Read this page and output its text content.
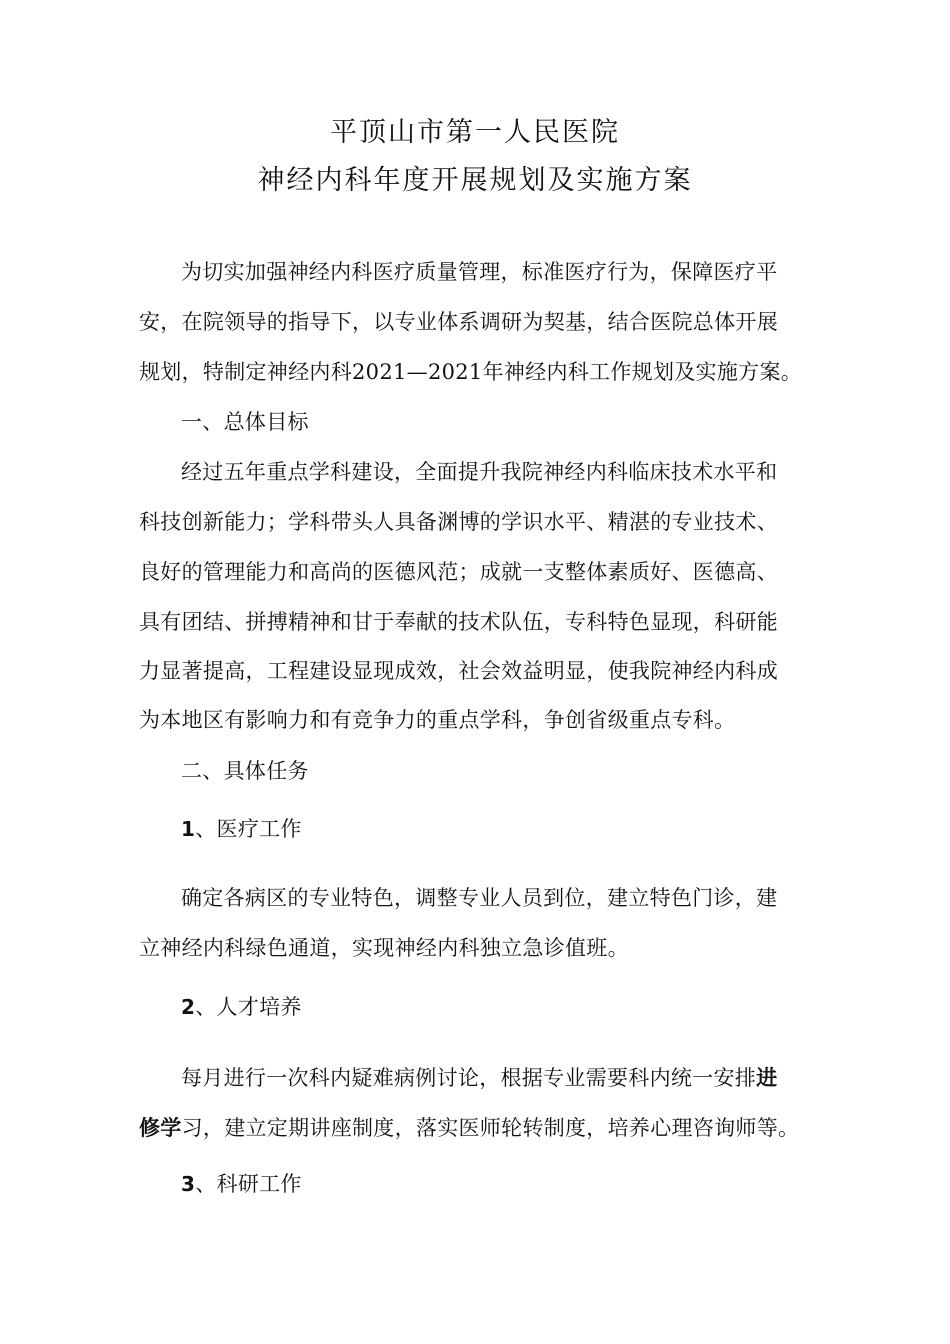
平顶山市第一人民医院
神经内科年度开展规划及实施方案
为切实加强神经内科医疗质量管理，标准医疗行为，保障医疗平
安，在院领导的指导下，以专业体系调研为契基，结合医院总体开展
规划，特制定神经内科2021—2021年神经内科工作规划及实施方案。
一、总体目标
经过五年重点学科建设，全面提升我院神经内科临床技术水平和
科技创新能力；学科带头人具备渊博的学识水平、精湛的专业技术、
良好的管理能力和高尚的医德风范；成就一支整体素质好、医德高、
具有团结、拼搏精神和甘于奉献的技术队伍，专科特色显现，科研能
力显著提高，工程建设显现成效，社会效益明显，使我院神经内科成
为本地区有影响力和有竞争力的重点学科，争创省级重点专科。
二、具体任务
1、医疗工作
确定各病区的专业特色，调整专业人员到位，建立特色门诊，建
立神经内科绿色通道，实现神经内科独立急诊值班。
2、人才培养
每月进行一次科内疑难病例讨论，根据专业需要科内统一安排进
修学习，建立定期讲座制度，落实医师轮转制度，培养心理咨询师等。
3、科研工作
